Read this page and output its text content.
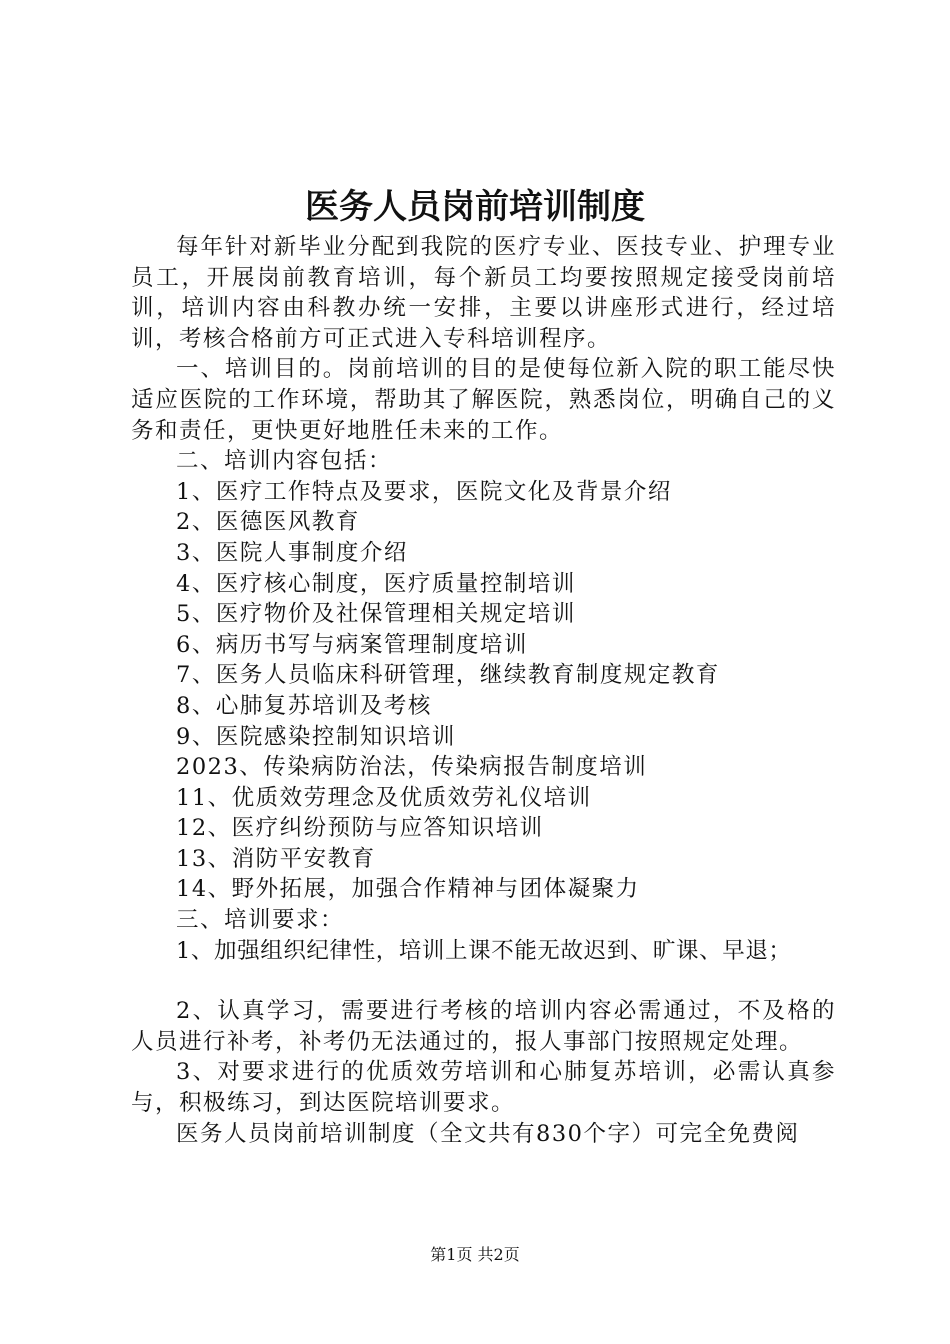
医务人员岗前培训制度

每年针对新毕业分配到我院的医疗专业、医技专业、护理专业员工，开展岗前教育培训，每个新员工均要按照规定接受岗前培训，培训内容由科教办统一安排，主要以讲座形式进行，经过培训，考核合格前方可正式进入专科培训程序。

一、培训目的。岗前培训的目的是使每位新入院的职工能尽快适应医院的工作环境，帮助其了解医院，熟悉岗位，明确自己的义务和责任，更快更好地胜任未来的工作。

二、培训内容包括：

1、医疗工作特点及要求，医院文化及背景介绍

2、医德医风教育

3、医院人事制度介绍

4、医疗核心制度，医疗质量控制培训

5、医疗物价及社保管理相关规定培训

6、病历书写与病案管理制度培训

7、医务人员临床科研管理，继续教育制度规定教育

8、心肺复苏培训及考核

9、医院感染控制知识培训

2023、传染病防治法，传染病报告制度培训

11、优质效劳理念及优质效劳礼仪培训

12、医疗纠纷预防与应答知识培训

13、消防平安教育

14、野外拓展，加强合作精神与团体凝聚力

三、培训要求：

1、加强组织纪律性，培训上课不能无故迟到、旷课、早退；

2、认真学习，需要进行考核的培训内容必需通过，不及格的人员进行补考，补考仍无法通过的，报人事部门按照规定处理。

3、对要求进行的优质效劳培训和心肺复苏培训，必需认真参与，积极练习，到达医院培训要求。

医务人员岗前培训制度（全文共有830个字）可完全免费阅

第1页 共2页
